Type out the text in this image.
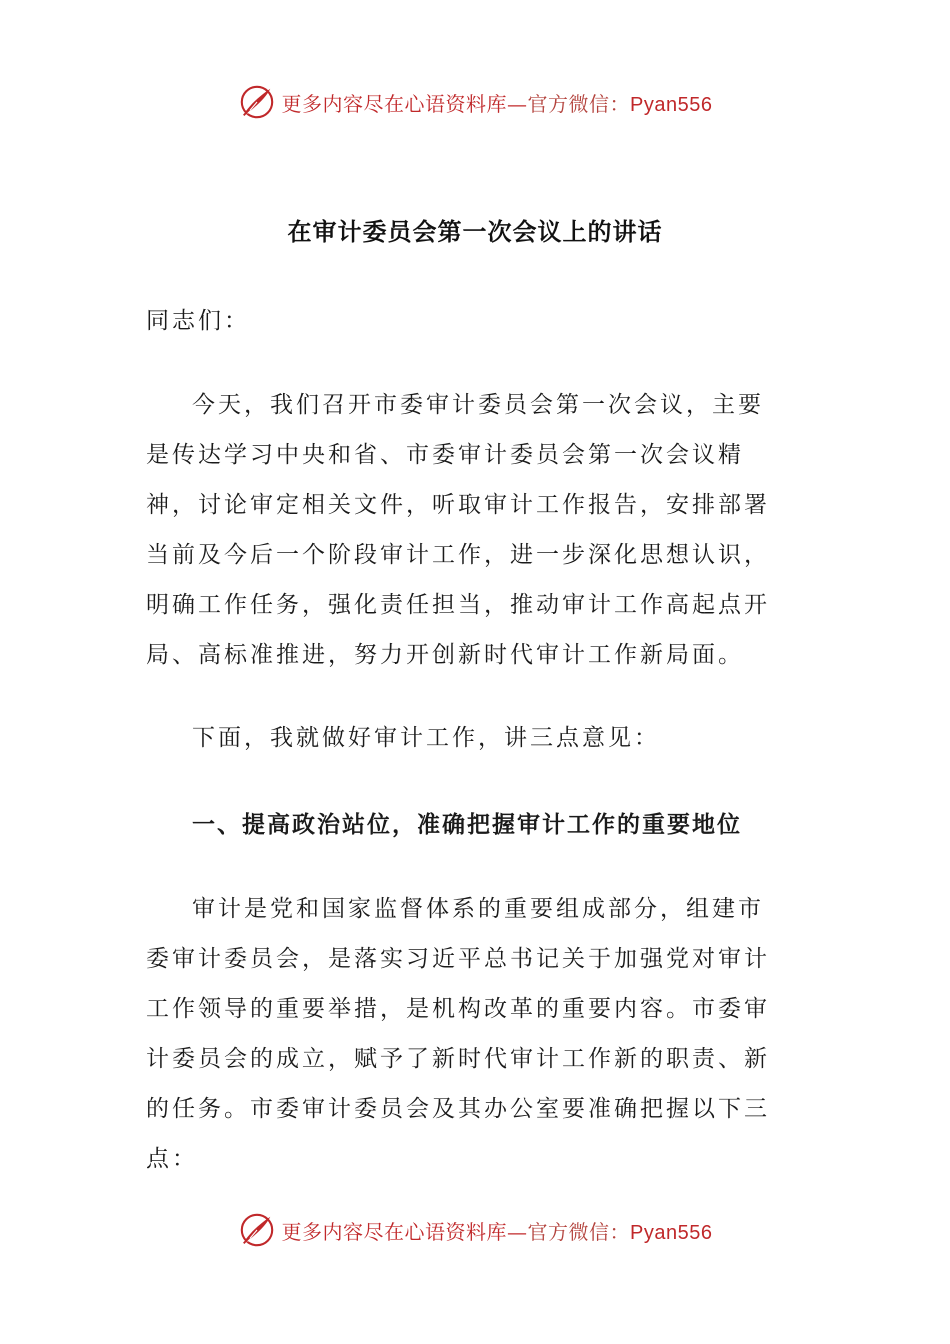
更多内容尽在心语资料库—官方微信：Pyan556
在审计委员会第一次会议上的讲话

同志们：

今天，我们召开市委审计委员会第一次会议，主要是传达学习中央和省、市委审计委员会第一次会议精神，讨论审定相关文件，听取审计工作报告，安排部署当前及今后一个阶段审计工作，进一步深化思想认识，明确工作任务，强化责任担当，推动审计工作高起点开局、高标准推进，努力开创新时代审计工作新局面。

下面，我就做好审计工作，讲三点意见：

一、提高政治站位，准确把握审计工作的重要地位

审计是党和国家监督体系的重要组成部分，组建市委审计委员会，是落实习近平总书记关于加强党对审计工作领导的重要举措，是机构改革的重要内容。市委审计委员会的成立，赋予了新时代审计工作新的职责、新的任务。市委审计委员会及其办公室要准确把握以下三点：

更多内容尽在心语资料库—官方微信：Pyan556
